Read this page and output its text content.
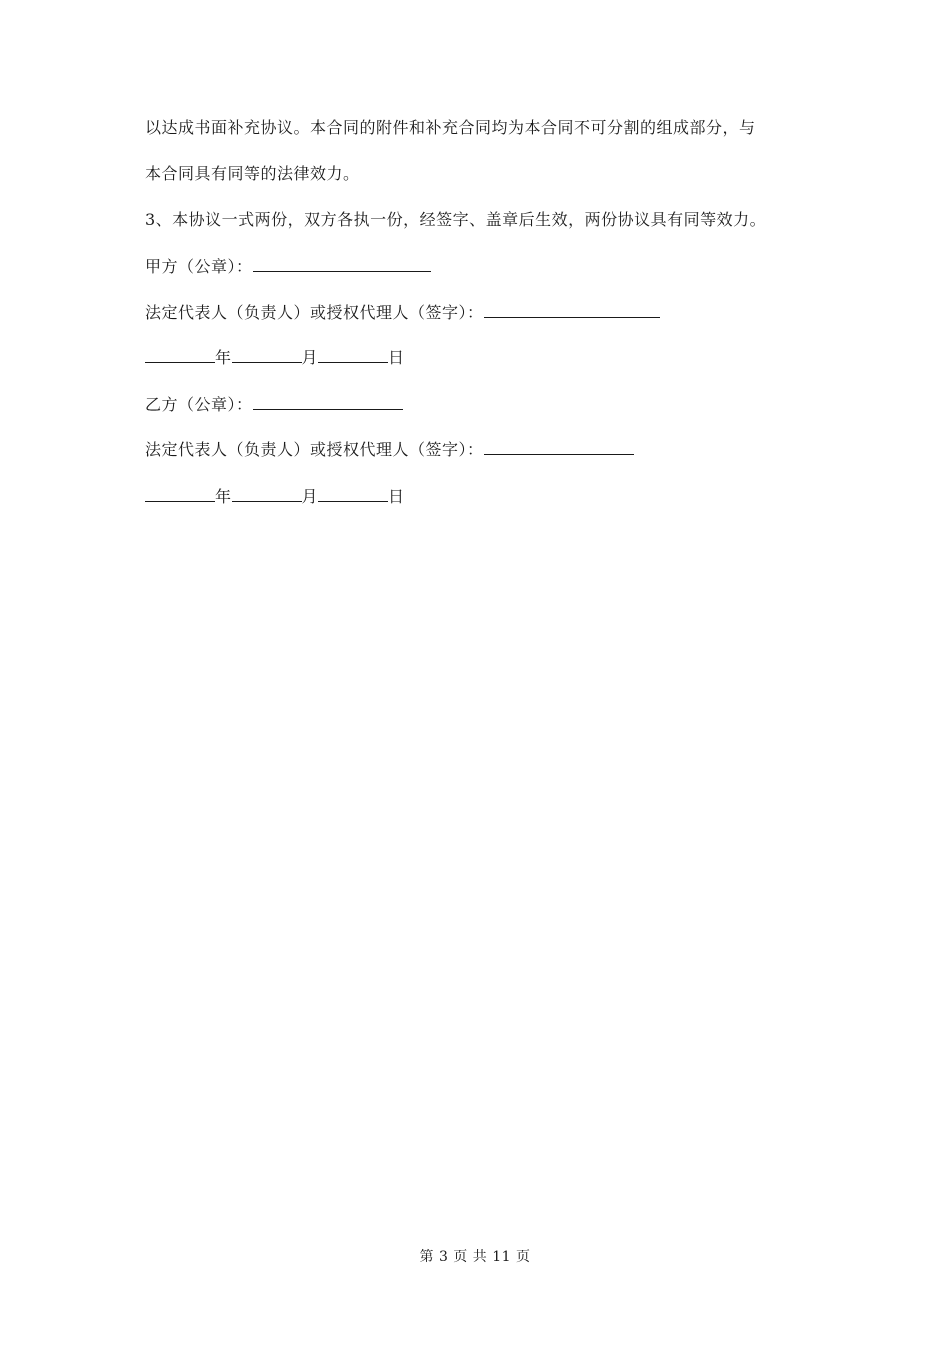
以达成书面补充协议。本合同的附件和补充合同均为本合同不可分割的组成部分，与
本合同具有同等的法律效力。
3、本协议一式两份，双方各执一份，经签字、盖章后生效，两份协议具有同等效力。
甲方（公章）：
法定代表人（负责人）或授权代理人（签字）：
年	月	日
乙方（公章）：
法定代表人（负责人）或授权代理人（签字）：
年	月	日
第 3 页 共 11 页
